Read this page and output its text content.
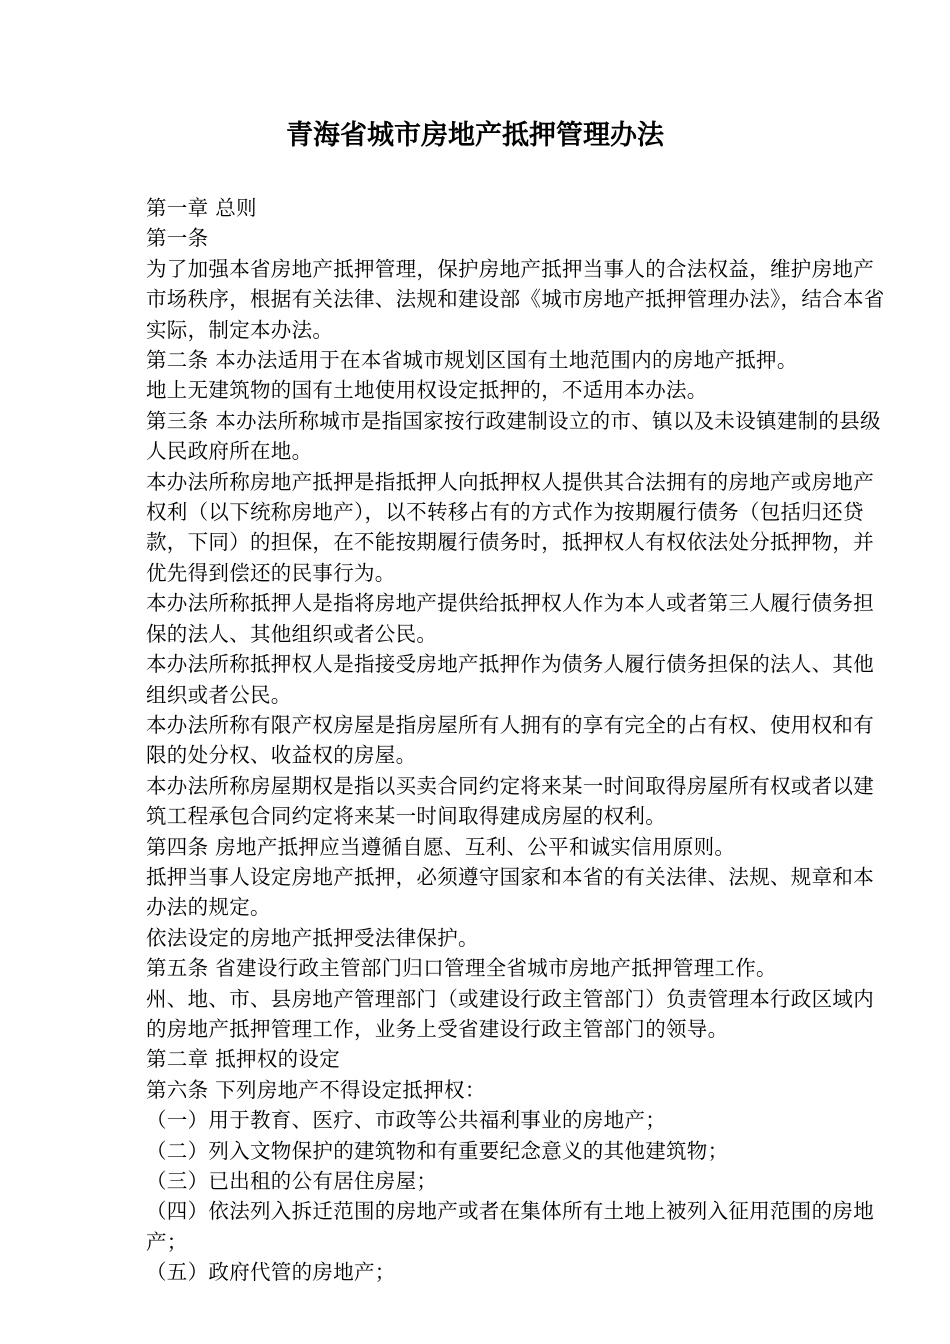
青海省城市房地产抵押管理办法

第一章 总则

第一条

为了加强本省房地产抵押管理，保护房地产抵押当事人的合法权益，维护房地产市场秩序，根据有关法律、法规和建设部《城市房地产抵押管理办法》，结合本省实际，制定本办法。

第二条 本办法适用于在本省城市规划区国有土地范围内的房地产抵押。

地上无建筑物的国有土地使用权设定抵押的，不适用本办法。

第三条 本办法所称城市是指国家按行政建制设立的市、镇以及未设镇建制的县级人民政府所在地。

本办法所称房地产抵押是指抵押人向抵押权人提供其合法拥有的房地产或房地产权利（以下统称房地产），以不转移占有的方式作为按期履行债务（包括归还贷款，下同）的担保，在不能按期履行债务时，抵押权人有权依法处分抵押物，并优先得到偿还的民事行为。

本办法所称抵押人是指将房地产提供给抵押权人作为本人或者第三人履行债务担保的法人、其他组织或者公民。

本办法所称抵押权人是指接受房地产抵押作为债务人履行债务担保的法人、其他组织或者公民。

本办法所称有限产权房屋是指房屋所有人拥有的享有完全的占有权、使用权和有限的处分权、收益权的房屋。

本办法所称房屋期权是指以买卖合同约定将来某一时间取得房屋所有权或者以建筑工程承包合同约定将来某一时间取得建成房屋的权利。

第四条 房地产抵押应当遵循自愿、互利、公平和诚实信用原则。

抵押当事人设定房地产抵押，必须遵守国家和本省的有关法律、法规、规章和本办法的规定。

依法设定的房地产抵押受法律保护。

第五条 省建设行政主管部门归口管理全省城市房地产抵押管理工作。

州、地、市、县房地产管理部门（或建设行政主管部门）负责管理本行政区域内的房地产抵押管理工作，业务上受省建设行政主管部门的领导。

第二章 抵押权的设定

第六条 下列房地产不得设定抵押权：

（一）用于教育、医疗、市政等公共福利事业的房地产；

（二）列入文物保护的建筑物和有重要纪念意义的其他建筑物；

（三）已出租的公有居住房屋；

（四）依法列入拆迁范围的房地产或者在集体所有土地上被列入征用范围的房地产；

（五）政府代管的房地产；
